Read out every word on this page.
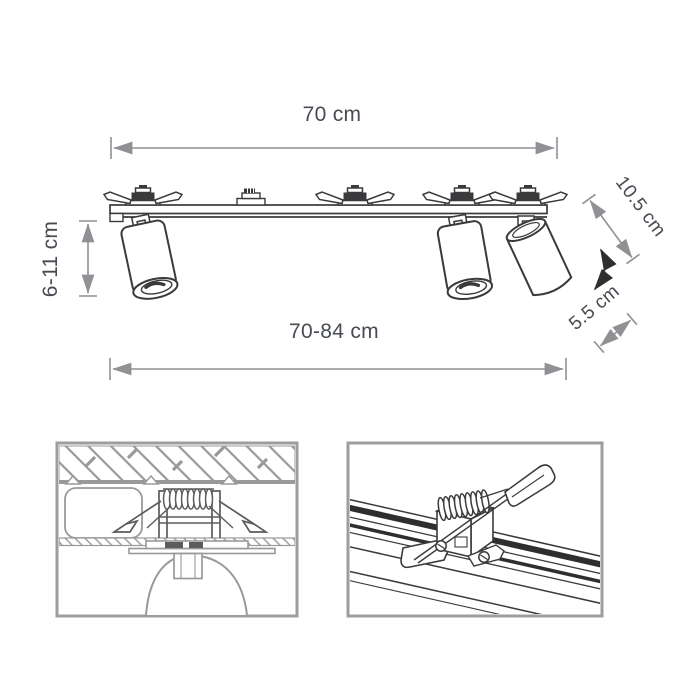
70 cm
6-11 cm
70-84 cm
10.5 cm
5.5 cm
